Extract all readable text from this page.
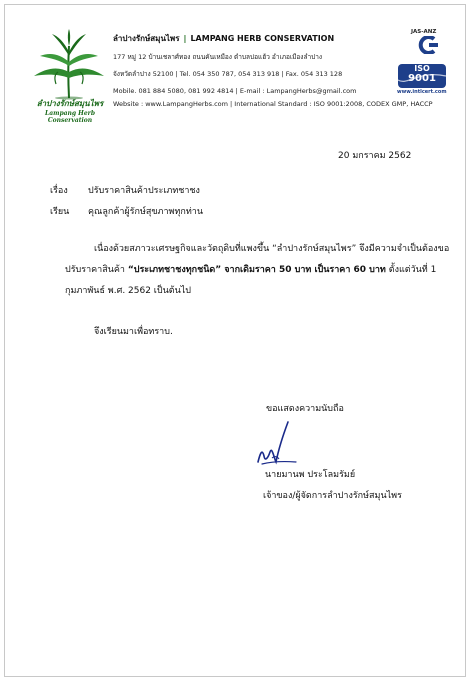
ลำปางรักษ์สมุนไพร
Lampang Herb Conservation
ลำปางรักษ์สมุนไพร | LAMPANG HERB CONSERVATION
177 หมู่ 12 บ้านเชลาศ์ทอง ถนนคันเหมือง ตำบลบ่อแฮ้ว อำเภอเมืองลำปาง
จังหวัดลำปาง 52100 | Tel. 054 350 787, 054 313 918 | Fax. 054 313 128
Mobile. 081 884 5080, 081 992 4814 | E-mail : LampangHerbs@gmail.com
Website : www.LampangHerbs.com | International Standard : ISO 9001:2008, CODEX GMP, HACCP
JAS-ANZ
ISO
9001
www.intlcert.com
20 มกราคม 2562
เรื่อง ปรับราคาสินค้าประเภทชาชง
เรียน คุณลูกค้าผู้รักษ์สุขภาพทุกท่าน
เนื่องด้วยสภาวะเศรษฐกิจและวัตถุดิบที่แพงขึ้น “ลำปางรักษ์สมุนไพร” จึงมีความจำเป็นต้องขอ
ปรับราคาสินค้า “ประเภทชาชงทุกชนิด” จากเดิมราคา 50 บาท เป็นราคา 60 บาท ตั้งแต่วันที่ 1
กุมภาพันธ์ พ.ศ. 2562 เป็นต้นไป
จึงเรียนมาเพื่อทราบ.
ขอแสดงความนับถือ
นายมานพ ประโลมรัมย์
เจ้าของ/ผู้จัดการลำปางรักษ์สมุนไพร
